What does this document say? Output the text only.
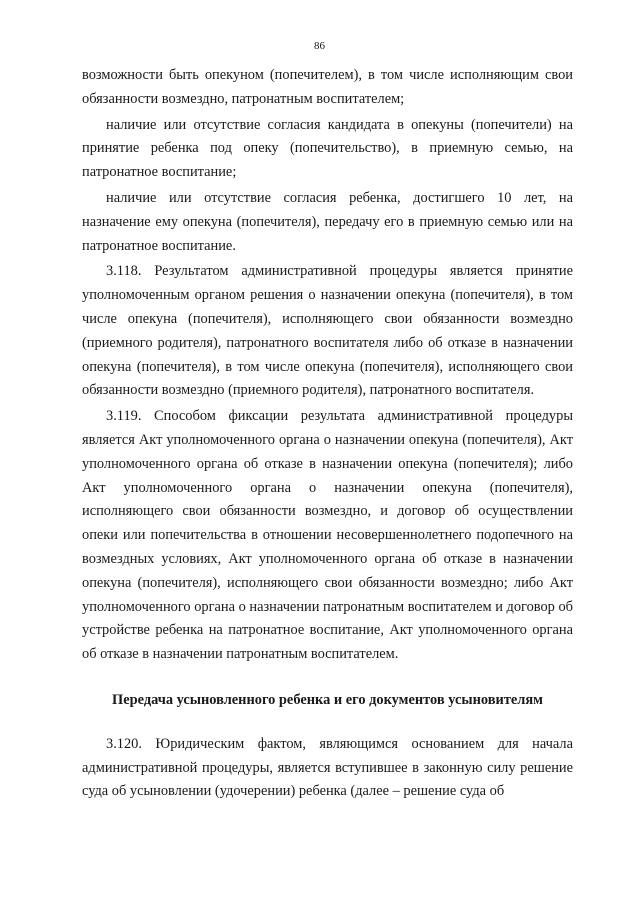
86

возможности быть опекуном (попечителем), в том числе исполняющим свои обязанности возмездно, патронатным воспитателем;

наличие или отсутствие согласия кандидата в опекуны (попечители) на принятие ребенка под опеку (попечительство), в приемную семью, на патронатное воспитание;

наличие или отсутствие согласия ребенка, достигшего 10 лет, на назначение ему опекуна (попечителя), передачу его в приемную семью или на патронатное воспитание.

3.118. Результатом административной процедуры является принятие уполномоченным органом решения о назначении опекуна (попечителя), в том числе опекуна (попечителя), исполняющего свои обязанности возмездно (приемного родителя), патронатного воспитателя либо об отказе в назначении опекуна (попечителя), в том числе опекуна (попечителя), исполняющего свои обязанности возмездно (приемного родителя), патронатного воспитателя.

3.119. Способом фиксации результата административной процедуры является Акт уполномоченного органа о назначении опекуна (попечителя), Акт уполномоченного органа об отказе в назначении опекуна (попечителя); либо Акт уполномоченного органа о назначении опекуна (попечителя), исполняющего свои обязанности возмездно, и договор об осуществлении опеки или попечительства в отношении несовершеннолетнего подопечного на возмездных условиях, Акт уполномоченного органа об отказе в назначении опекуна (попечителя), исполняющего свои обязанности возмездно; либо Акт уполномоченного органа о назначении патронатным воспитателем и договор об устройстве ребенка на патронатное воспитание, Акт уполномоченного органа об отказе в назначении патронатным воспитателем.

Передача усыновленного ребенка и его документов усыновителям

3.120. Юридическим фактом, являющимся основанием для начала административной процедуры, является вступившее в законную силу решение суда об усыновлении (удочерении) ребенка (далее – решение суда об
